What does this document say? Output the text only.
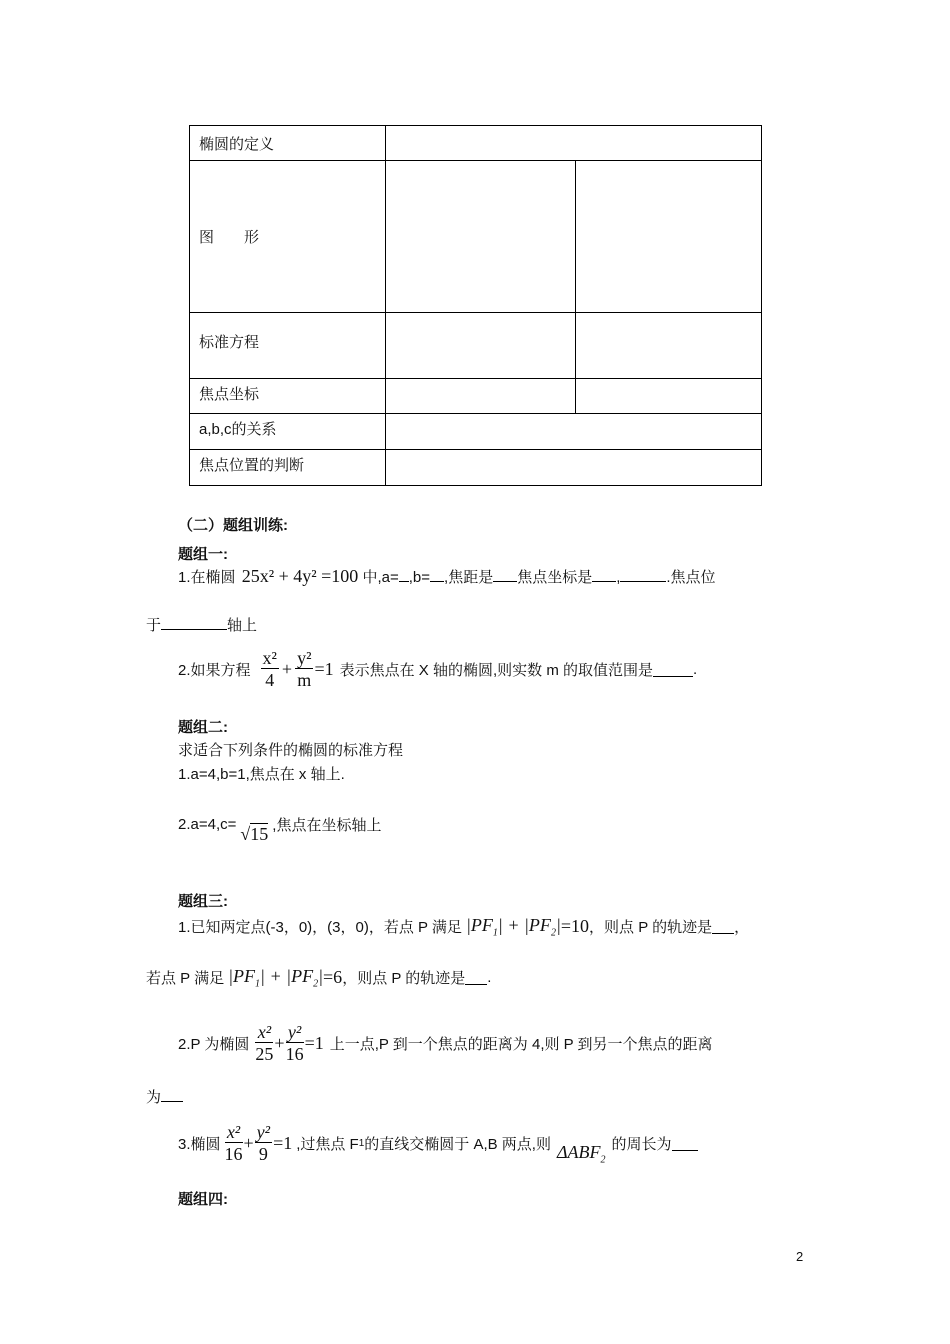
椭圆的定义		
图　　形		
标准方程		
焦点坐标		
a,b,c的关系		
焦点位置的判断		
（二）题组训练:
题组一:
1.在椭圆 25x² + 4y² =100 中,a= ,b= ,焦距是 焦点坐标是 ,	.焦点位
于	轴上
2.如果方程 $\frac{\text{x²}}{4} + \frac{\text{y²}}{m} =1$ 表示焦点在 X 轴的椭圆,则实数 m 的取值范围是	.
题组二:
求适合下列条件的椭圆的标准方程
1.a=4,b=1,焦点在 x 轴上.
2.a=4,c= √15 ,焦点在坐标轴上
题组三:
1.已知两定点(-3，0)，(3，0)，若点 P 满足 $|PF_1| + |PF_2| =10$ ，则点 P 的轨迹是 ，
若点 P 满足 $|PF_1| + |PF_2| =6$ ，则点 P 的轨迹是 .
2.P 为椭圆 $\frac{\text{x²}}{25} + \frac{\text{y²}}{16} =1$ 上一点,P 到一个焦点的距离为 4,则 P 到另一个焦点的距离
为
3.椭圆 $\frac{\text{x²}}{16} + \frac{\text{y²}}{9} =1$ ,过焦点 F 1 的直线交椭圆于 A,B 两点,则 $\Delta ABF_2$
的周长为
题组四:
2
